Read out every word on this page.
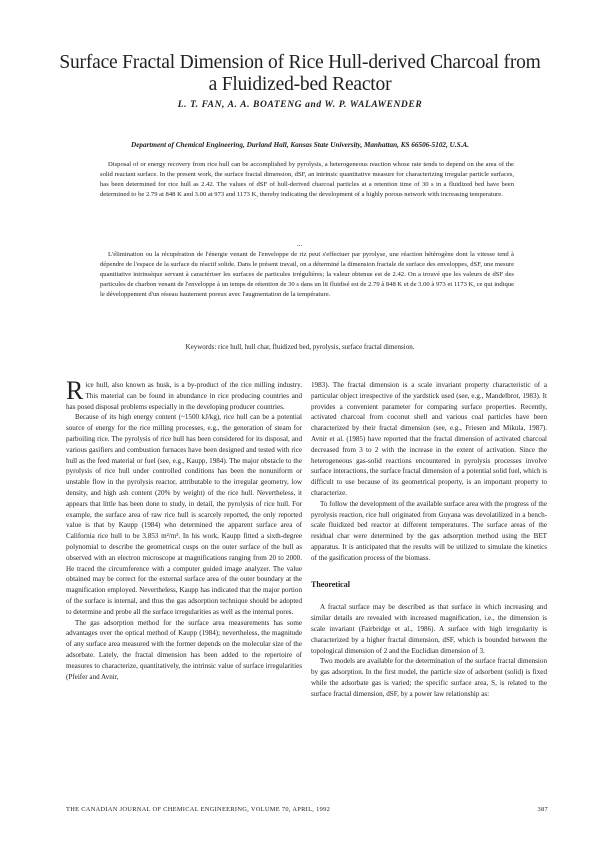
Surface Fractal Dimension of Rice Hull-derived Charcoal from
a Fluidized-bed Reactor
L. T. FAN, A. A. BOATENG and W. P. WALAWENDER
Department of Chemical Engineering, Durland Hall, Kansas State University, Manhattan, KS 66506-5102, U.S.A.
Disposal of or energy recovery from rice hull can be accomplished by pyrolysis, a heterogeneous reaction whose rate tends to depend on the area of the solid reactant surface. In the present work, the surface fractal dimension, dSF, an intrinsic quantitative measure for characterizing irregular particle surfaces, has been determined for rice hull as 2.42. The values of dSF of hull-derived charcoal particles at a retention time of 30 s in a fluidized bed have been determined to be 2.79 at 848 K and 3.00 at 973 and 1173 K, thereby indicating the development of a highly porous network with increasing temperature.
...
L'élimination ou la récupération de l'énergie venant de l'enveloppe de riz peut s'effectuer par pyrolyse, une réaction hétérogène dont la vitesse tend à dépendre de l'espace de la surface du réactif solide. Dans le présent travail, on a déterminé la dimension fractale de surface des enveloppes, dSF, une mesure quantitative intrinsèque servant à caractériser les surfaces de particules irrégulières; la valeur obtenue est de 2.42. On a trouvé que les valeurs de dSF des particules de charbon venant de l'enveloppe à un temps de rétention de 30 s dans un lit fluidisé est de 2.79 à 848 K et de 3.00 à 973 et 1173 K, ce qui indique le développement d'un réseau hautement poreux avec l'augmentation de la température.
Keywords: rice hull, hull char, fluidized bed, pyrolysis, surface fractal dimension.

Rice hull, also known as husk, is a by-product of the rice milling industry. This material can be found in abundance in rice producing countries and has posed disposal problems especially in the developing producer countries.

Because of its high energy content (~1500 kJ/kg), rice hull can be a potential source of energy for the rice milling processes, e.g., the generation of steam for parboiling rice. The pyrolysis of rice hull has been considered for its disposal, and various gasifiers and combustion furnaces have been designed and tested with rice hull as the feed material or fuel (see, e.g., Kaupp, 1984). The major obstacle to the pyrolysis of rice hull under controlled conditions has been the nonuniform or unstable flow in the pyrolysis reactor, attributable to the irregular geometry, low density, and high ash content (20% by weight) of the rice hull. Nevertheless, it appears that little has been done to study, in detail, the pyrolysis of rice hull. For example, the surface area of raw rice hull is scarcely reported, the only reported value is that by Kaupp (1984) who determined the apparent surface area of California rice hull to be 3.853 m²/m³. In his work, Kaupp fitted a sixth-degree polynomial to describe the geometrical cusps on the outer surface of the hull as observed with an electron microscope at magnifications ranging from 20 to 2000. He traced the circumference with a computer guided image analyzer. The value obtained may be correct for the external surface area of the outer boundary at the magnification employed. Nevertheless, Kaupp has indicated that the major portion of the surface is internal, and thus the gas adsorption technique should be adopted to determine and probe all the surface irregularities as well as the internal pores.

The gas adsorption method for the surface area measurements has some advantages over the optical method of Kaupp (1984); nevertheless, the magnitude of any surface area measured with the former depends on the molecular size of the adsorbate. Lately, the fractal dimension has been added to the repertoire of measures to characterize, quantitatively, the intrinsic value of surface irregularities (Pfeifer and Avnir,

1983). The fractal dimension is a scale invariant property characteristic of a particular object irrespective of the yardstick used (see, e.g., Mandelbrot, 1983). It provides a convenient parameter for comparing surface properties. Recently, activated charcoal from coconut shell and various coal particles have been characterized by their fractal dimension (see, e.g., Friesen and Mikula, 1987). Avnir et al. (1985) have reported that the fractal dimension of activated charcoal decreased from 3 to 2 with the increase in the extent of activation. Since the heterogeneous gas-solid reactions encountered in pyrolysis processes involve surface interactions, the surface fractal dimension of a potential solid fuel, which is difficult to use because of its geometrical property, is an important property to characterize.

To follow the development of the available surface area with the progress of the pyrolysis reaction, rice hull originated from Guyana was devolatilized in a bench-scale fluidized bed reactor at different temperatures. The surface areas of the residual char were determined by the gas adsorption method using the BET apparatus. It is anticipated that the results will be utilized to simulate the kinetics of the gasification process of the biomass.

Theoretical

A fractal surface may be described as that surface in which increasing and similar details are revealed with increased magnification, i.e., the dimension is scale invariant (Fairbridge et al., 1986). A surface with high irregularity is characterized by a higher fractal dimension, dSF, which is bounded between the topological dimension of 2 and the Euclidian dimension of 3.

Two models are available for the determination of the surface fractal dimension by gas adsorption. In the first model, the particle size of adsorbent (solid) is fixed while the adsorbate gas is varied; the specific surface area, S, is related to the surface fractal dimension, dSF, by a power law relationship as:

THE CANADIAN JOURNAL OF CHEMICAL ENGINEERING, VOLUME 70, APRIL, 1992	387
